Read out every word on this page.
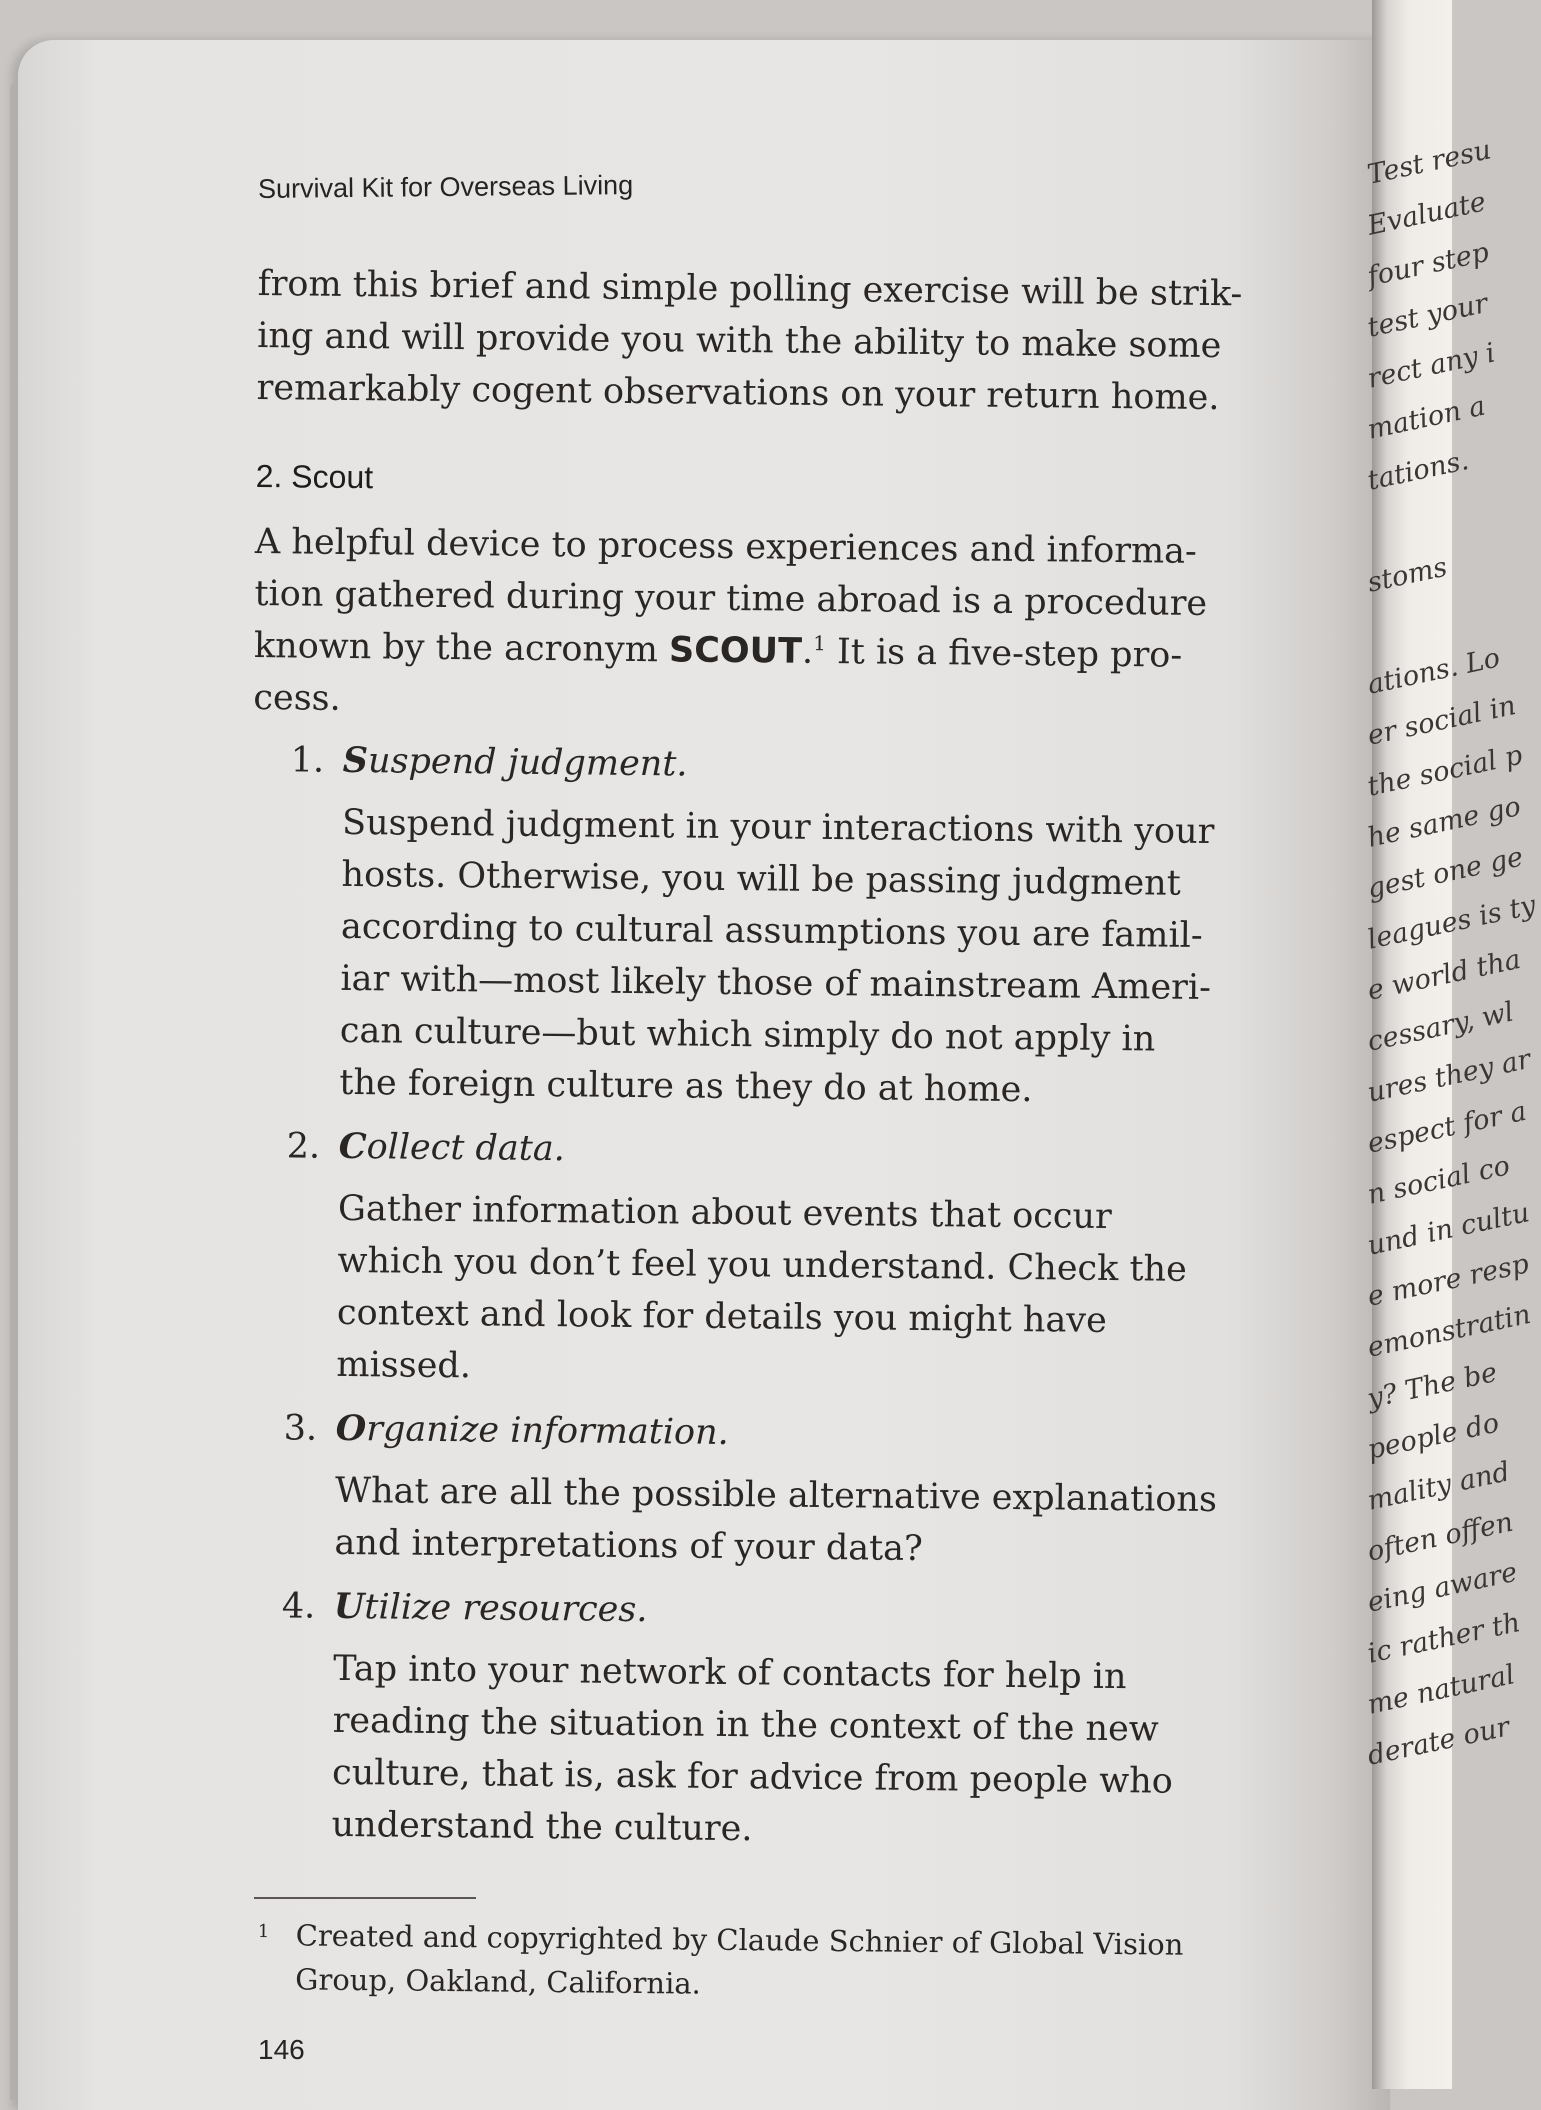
Test resu
Evaluate
four step
test your
rect any i
mation a
tations.
stoms
ations. Lo
er social in
the social p
he same go
gest one ge
leagues is ty
e world tha
cessary, wl
ures they ar
espect for a
n social co
und in cultu
e more resp
emonstratin
y? The be
people do
mality and
often offen
eing aware
ic rather th
me natural
derate our
Survival Kit for Overseas Living
from this brief and simple polling exercise will be strik-
ing and will provide you with the ability to make some
remarkably cogent observations on your return home.
2. Scout
A helpful device to process experiences and informa-
tion gathered during your time abroad is a procedure
known by the acronym SCOUT.$^1$ It is a five-step pro-
cess.
1. Suspend judgment.
Suspend judgment in your interactions with your
hosts. Otherwise, you will be passing judgment
according to cultural assumptions you are famil-
iar with—most likely those of mainstream Ameri-
can culture—but which simply do not apply in
the foreign culture as they do at home.
2. Collect data.
Gather information about events that occur
which you don’t feel you understand. Check the
context and look for details you might have
missed.
3. Organize information.
What are all the possible alternative explanations
and interpretations of your data?
4. Utilize resources.
Tap into your network of contacts for help in
reading the situation in the context of the new
culture, that is, ask for advice from people who
understand the culture.
1 Created and copyrighted by Claude Schnier of Global Vision
Group, Oakland, California.
146
